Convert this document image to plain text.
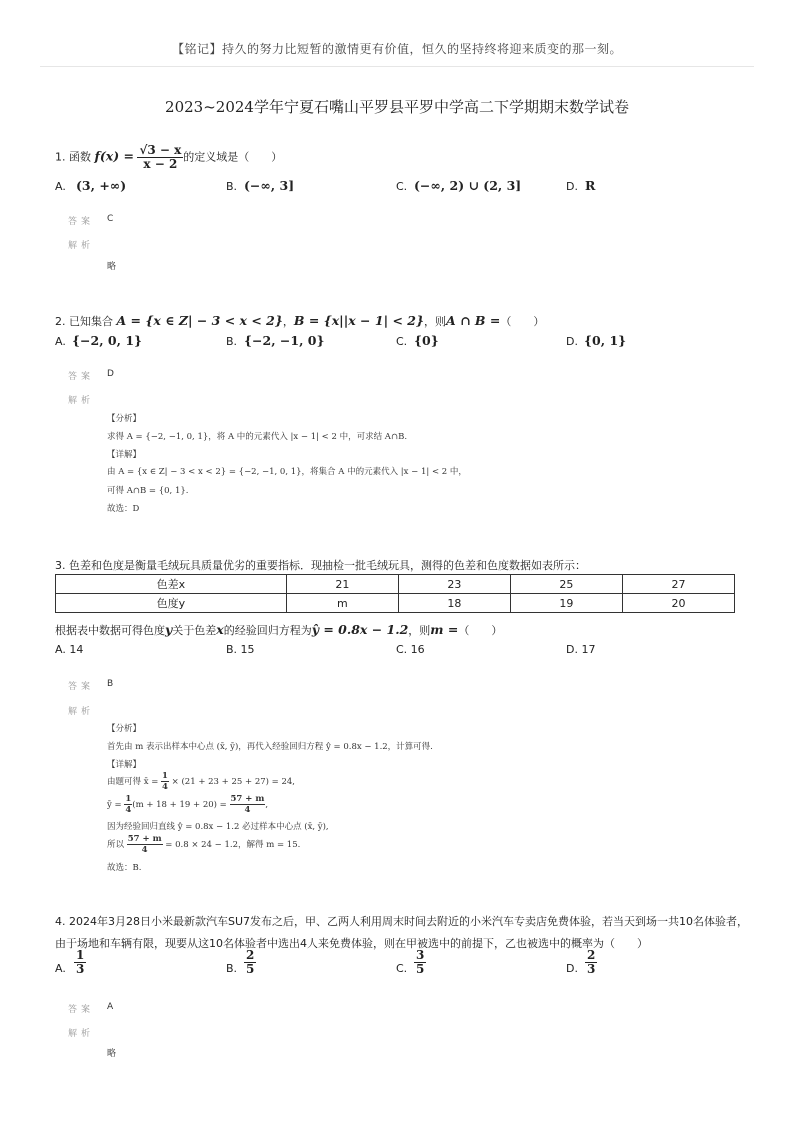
【铭记】持久的努力比短暂的激情更有价值，恒久的坚持终将迎来质变的那一刻。
2023~2024学年宁夏石嘴山平罗县平罗中学高二下学期期末数学试卷
1. 函数 $f(x) = \frac{√3 - x}{x - 2}$ 的定义域是（　　）
A. (3, +∞)	B. (−∞, 3]	C. (−∞, 2) ∪ (2, 3]	D. R
答案 C
解析
略
2. 已知集合 A = {x ∈ Z| − 3 < x < 2}，B = {x||x − 1| < 2}，则A ∩ B =（　　）
A. {−2, 0, 1}	B. {−2, −1, 0}	C. {0}	D. {0, 1}
答案 D
解析
【分析】
求得 A = {−2, −1, 0, 1}，将 A 中的元素代入 |x − 1| < 2 中，可求结 A∩B.
【详解】
由 A = {x ∈ Z| − 3 < x < 2} = {−2, −1, 0, 1}，将集合 A 中的元素代入 |x − 1| < 2 中，
可得 A∩B = {0, 1}.
故选：D
3. 色差和色度是衡量毛绒玩具质量优劣的重要指标．现抽检一批毛绒玩具，测得的色差和色度数据如表所示：
色差x	21	23	25	27
色度y	m	18	19	20
根据表中数据可得色度y关于色差x的经验回归方程为ŷ = 0.8x − 1.2，则m =（　　）
A. 14	B. 15	C. 16	D. 17
答案 B
解析
【分析】
首先由 m 表示出样本中心点 (x̄, ȳ)，再代入经验回归方程 ŷ = 0.8x − 1.2，计算可得.
【详解】
由题可得 x̄ = $\frac{1}{4} \times (21 + 23 + 25 + 27) = 24$,
ȳ = $\frac{1}{4} (m + 18 + 19 + 20) = \frac{57 + m}{4}$ ,
因为经验回归直线 ŷ = 0.8x − 1.2 必过样本中心点 (x̄, ȳ),
所以 $\frac{57 + m}{4} = 0.8 \times 24 - 1.2$，解得 m = 15.
故选：B.
4. 2024年3月28日小米最新款汽车SU7发布之后，甲、乙两人利用周末时间去附近的小米汽车专卖店免费体验，若当天到场一共10名体验者，
由于场地和车辆有限，现要从这10名体验者中选出4人来免费体验，则在甲被选中的前提下，乙也被选中的概率为（　　）
A. $\frac{1}{3}$	B. $\frac{2}{5}$	C. $\frac{3}{5}$	D. $\frac{2}{3}$
答案 A
解析
略
